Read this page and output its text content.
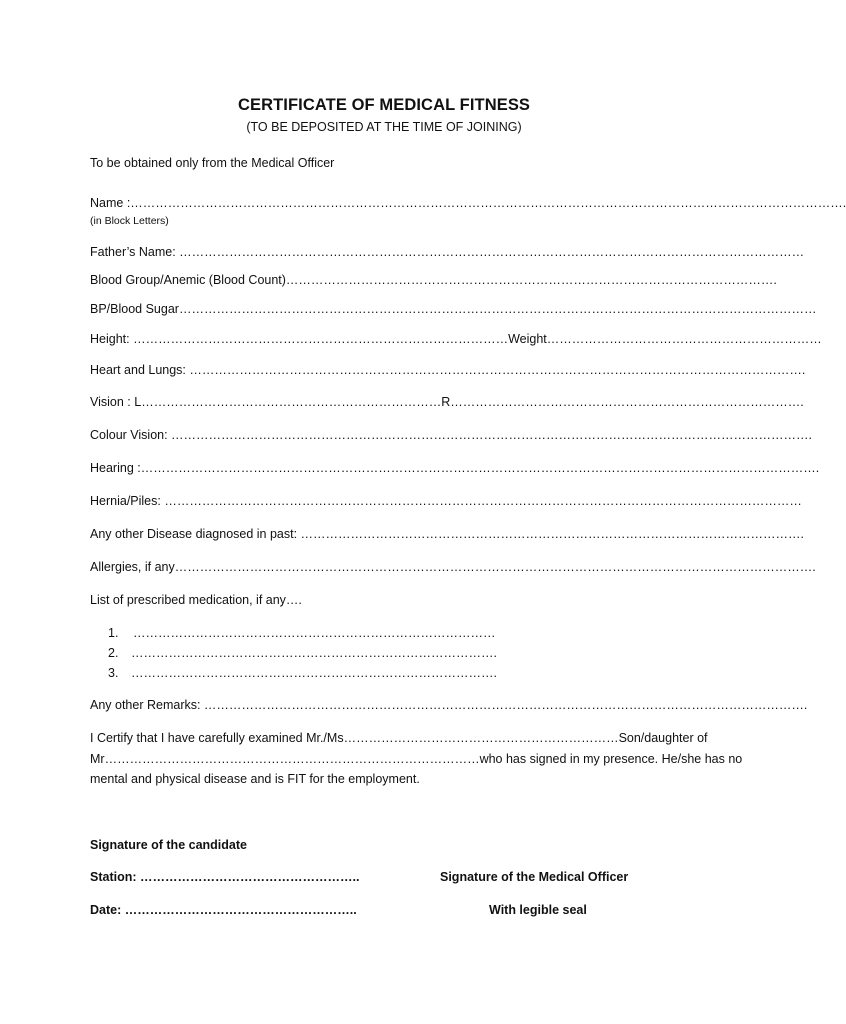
CERTIFICATE OF MEDICAL FITNESS
(TO BE DEPOSITED AT THE TIME OF JOINING)
To be obtained only from the Medical Officer
Name :……………………………………………………………………………………………………………………………………………………….
(in Block Letters)
Father’s Name: ……………………………………………………………………………………………………………………………………
Blood Group/Anemic (Blood Count)……………………………………………………………………………………………………….
BP/Blood Sugar………………………………………………………………………………………………………………………………………
Height: ………………………………………………………………………………Weight…………………………………………………………
Heart and Lungs: ………………………………………………………………………………………………………………………………….
Vision : L………………………………………………………………R………………………………………………………………………….
Colour Vision: ……………………………………………………………………………………………………………………………………….
Hearing :……………………………………………………………………………………………………………………………………………….
Hernia/Piles: ………………………………………………………………………………………………………………………………………
Any other Disease diagnosed in past: ………………………………………………………………………………………………………….
Allergies, if any……………………………………………………………………………………………………………………………………….
List of prescribed medication, if any….
1. ……………………………………………………………………………
2. …………………………………………………………………………….
3. …………………………………………………………………………….
Any other Remarks: ……………………………………………………………………………………………………………………………….
I Certify that I have carefully examined Mr./Ms…………………………………………………………Son/daughter of
Mr………………………………………………………………………………who has signed in my presence. He/she has no
mental and physical disease and is FIT for the employment.
Signature of the candidate
Station: ……………………………………………..
Date: ………………………………………………..
Signature of the Medical Officer
With legible seal
